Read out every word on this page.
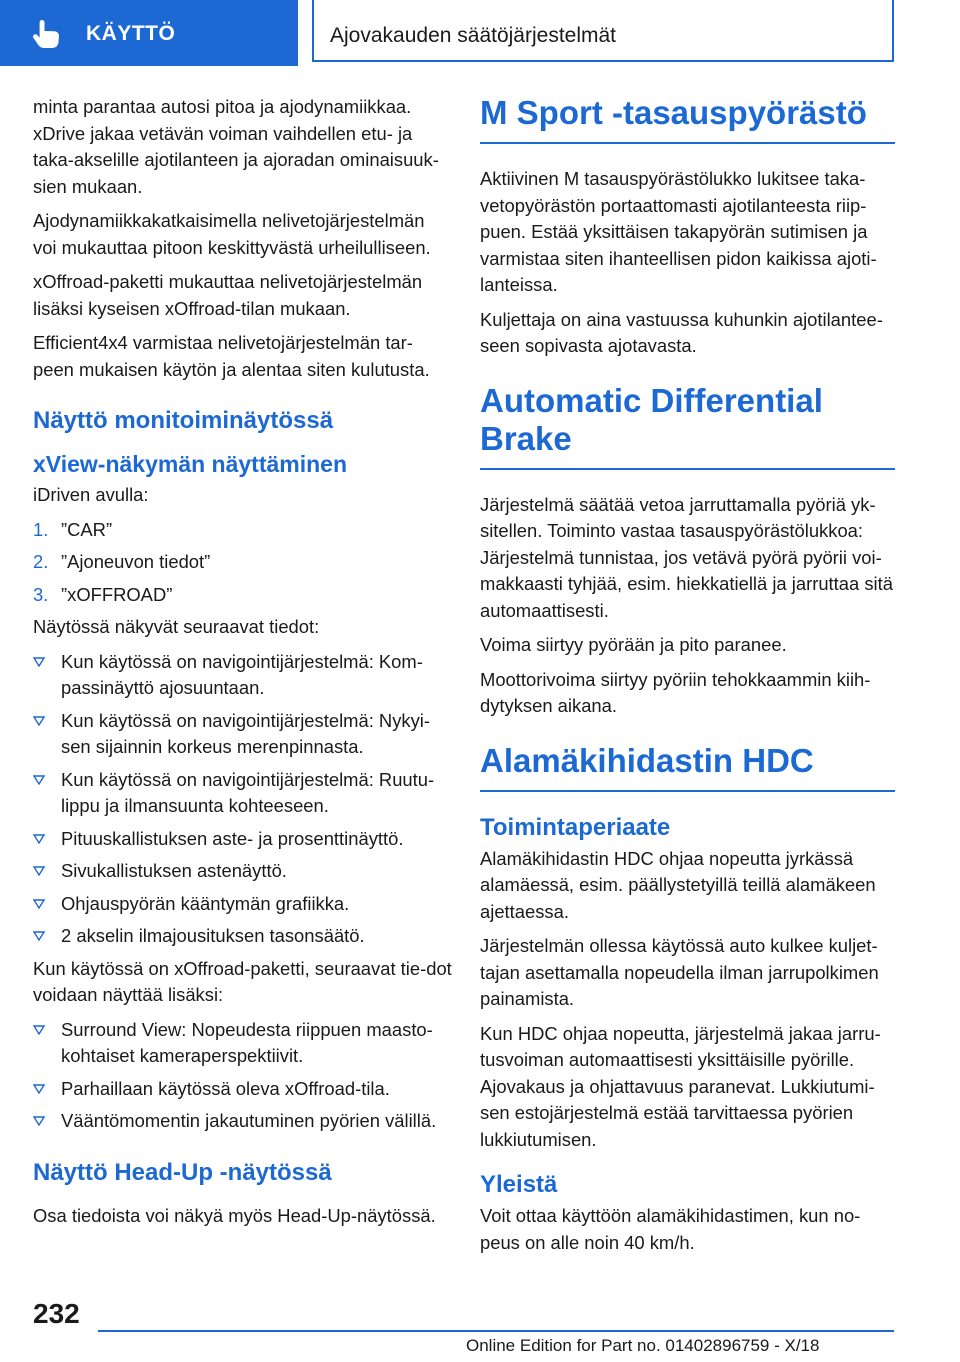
KÄYTTÖ	Ajovakauden säätöjärjestelmät

minta parantaa autosi pitoa ja ajodynamiikkaa. xDrive jakaa vetävän voiman vaihdellen etu- ja taka-akselille ajotilanteen ja ajoradan ominaisuuk-sien mukaan.

Ajodynamiikkakatkaisimella nelivetojärjestelmän voi mukauttaa pitoon keskittyvästä urheilulliseen.

xOffroad-paketti mukauttaa nelivetojärjestelmän lisäksi kyseisen xOffroad-tilan mukaan.

Efficient4x4 varmistaa nelivetojärjestelmän tar-peen mukaisen käytön ja alentaa siten kulutusta.

Näyttö monitoiminäytössä
xView-näkymän näyttäminen

iDriven avulla:

1. ”CAR”
2. ”Ajoneuvon tiedot”
3. ”xOFFROAD”

Näytössä näkyvät seuraavat tiedot:

Kun käytössä on navigointijärjestelmä: Kom-passinäyttö ajosuuntaan.
Kun käytössä on navigointijärjestelmä: Nykyi-sen sijainnin korkeus merenpinnasta.
Kun käytössä on navigointijärjestelmä: Ruutu-lippu ja ilmansuunta kohteeseen.
Pituuskallistuksen aste- ja prosenttinäyttö.
Sivukallistuksen astenäyttö.
Ohjauspyörän kääntymän grafiikka.
2 akselin ilmajousituksen tasonsäätö.

Kun käytössä on xOffroad-paketti, seuraavat tie-dot voidaan näyttää lisäksi:

Surround View: Nopeudesta riippuen maasto-kohtaiset kameraperspektiivit.
Parhaillaan käytössä oleva xOffroad-tila.
Vääntömomentin jakautuminen pyörien välillä.
Näyttö Head-Up -näytössä

Osa tiedoista voi näkyä myös Head-Up-näytössä.

M Sport -tasauspyörästö

Aktiivinen M tasauspyörästölukko lukitsee taka-vetopyörästön portaattomasti ajotilanteesta riip-puen. Estää yksittäisen takapyörän sutimisen ja varmistaa siten ihanteellisen pidon kaikissa ajoti-lanteissa.

Kuljettaja on aina vastuussa kuhunkin ajotilantee-seen sopivasta ajotavasta.

Automatic Differential Brake

Järjestelmä säätää vetoa jarruttamalla pyöriä yk-sitellen. Toiminto vastaa tasauspyörästölukkoa: Järjestelmä tunnistaa, jos vetävä pyörä pyörii voi-makkaasti tyhjää, esim. hiekkatiellä ja jarruttaa sitä automaattisesti.

Voima siirtyy pyörään ja pito paranee.

Moottorivoima siirtyy pyöriin tehokkaammin kiih-dytyksen aikana.

Alamäkihidastin HDC
Toimintaperiaate

Alamäkihidastin HDC ohjaa nopeutta jyrkässä alamäessä, esim. päällystetyillä teillä alamäkeen ajettaessa.

Järjestelmän ollessa käytössä auto kulkee kuljet-tajan asettamalla nopeudella ilman jarrupolkimen painamista.

Kun HDC ohjaa nopeutta, järjestelmä jakaa jarru-tusvoiman automaattisesti yksittäisille pyörille. Ajovakaus ja ohjattavuus paranevat. Lukkiutumi-sen estojärjestelmä estää tarvittaessa pyörien lukkiutumisen.

Yleistä

Voit ottaa käyttöön alamäkihidastimen, kun no-peus on alle noin 40 km/h.

232
Online Edition for Part no. 01402896759 - X/18
